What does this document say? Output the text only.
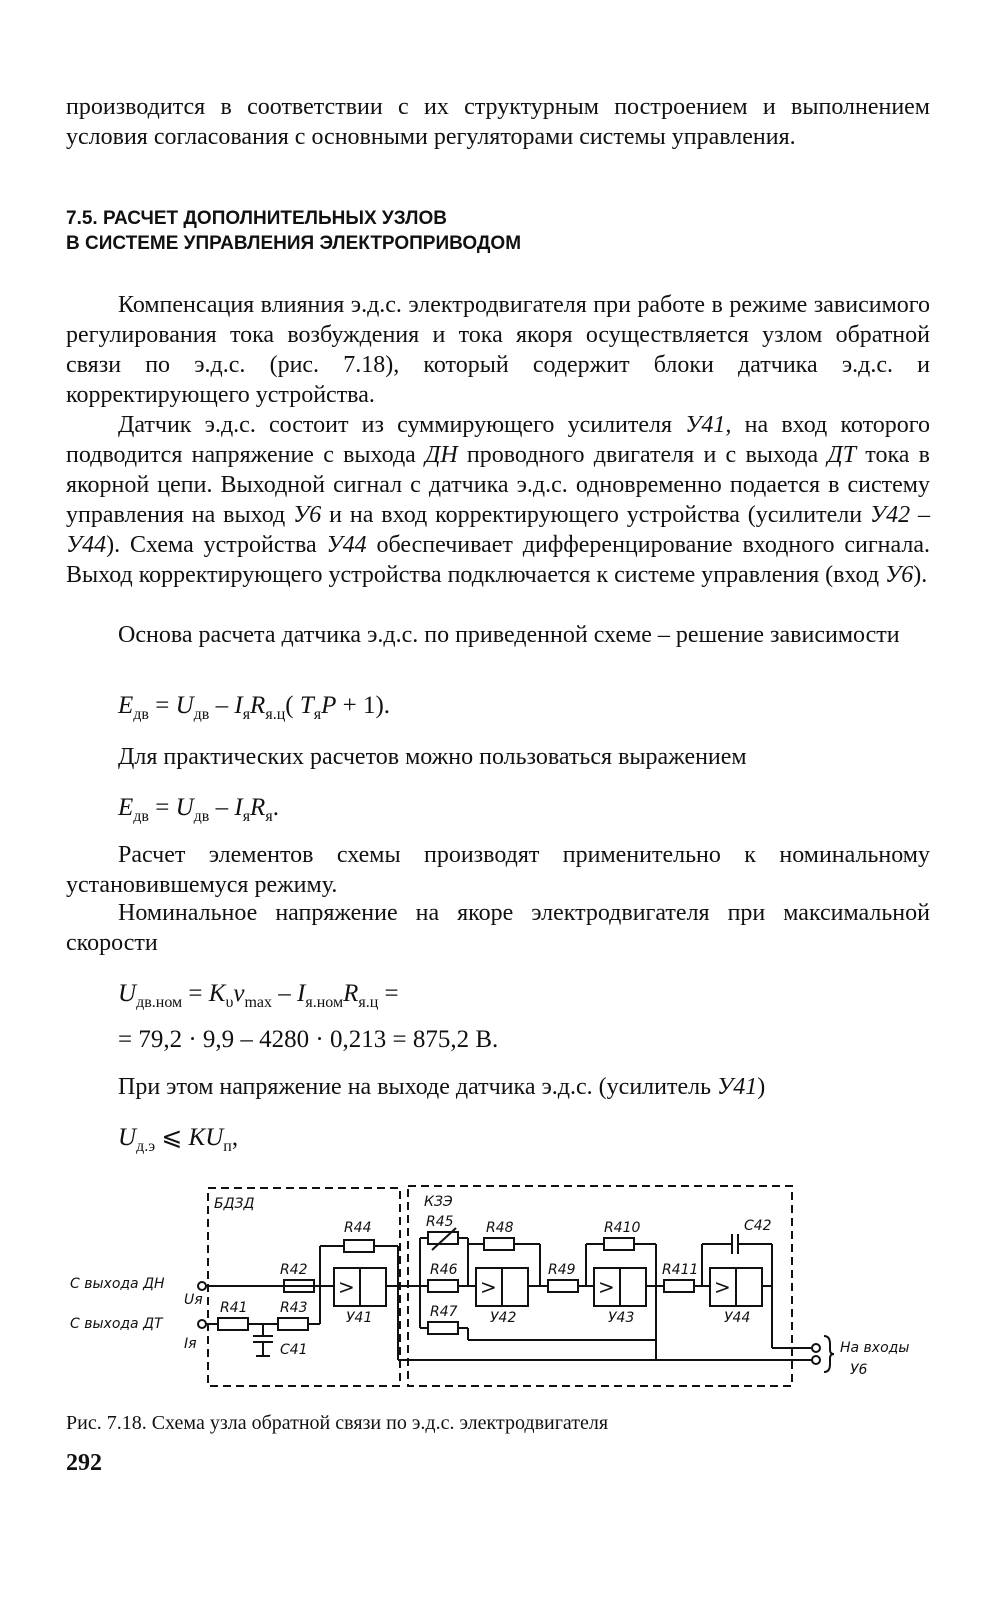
производится в соответствии с их структурным построением и выполнением условия согласования с основными регуляторами системы управления.

7.5. РАСЧЕТ ДОПОЛНИТЕЛЬНЫХ УЗЛОВ
В СИСТЕМЕ УПРАВЛЕНИЯ ЭЛЕКТРОПРИВОДОМ

Компенсация влияния э.д.с. электродвигателя при работе в режиме зависимого регулирования тока возбуждения и тока якоря осуществляется узлом обратной связи по э.д.с. (рис. 7.18), который содержит блоки датчика э.д.с. и корректирующего устройства.

Датчик э.д.с. состоит из суммирующего усилителя У41, на вход которого подводится напряжение с выхода ДН проводного двигателя и с выхода ДТ тока в якорной цепи. Выходной сигнал с датчика э.д.с. одновременно подается в систему управления на выход У6 и на вход корректирующего устройства (усилители У42 – У44). Схема устройства У44 обеспечивает дифференцирование входного сигнала. Выход корректирующего устройства подключается к системе управления (вход У6).

Основа расчета датчика э.д.с. по приведенной схеме – решение зависимости

$E_{дв} = U_{дв} - I_яR_{я.ц}$( $T_яP + 1$).

Для практических расчетов можно пользоваться выражением

$E_{дв} = U_{дв} - I_яR_я$.

Расчет элементов схемы производят применительно к номинальному установившемуся режиму.

Номинальное напряжение на якоре электродвигателя при максимальной скорости

$U_{дв.ном} = K_\upsilon v_{max} - I_{я.ном}R_{я.ц}$ =
= 79,2 · 9,9 – 4280 · 0,213 = 875,2 В.

При этом напряжение на выходе датчика э.д.с. (усилитель У41)

$U_{д.э}$ ⩽ $KU_п$,
>	>	>	>
БДЗД	КЗЭ
С выхода ДН
С выхода ДТ
Uя
Iя
R41
R42
R43
C41
У41
R44	R45
R46
R47
R48
У42
R49
R410
У43
R411
C42
У44
На входы
У6
Рис. 7.18. Схема узла обратной связи по э.д.с. электродвигателя
292
